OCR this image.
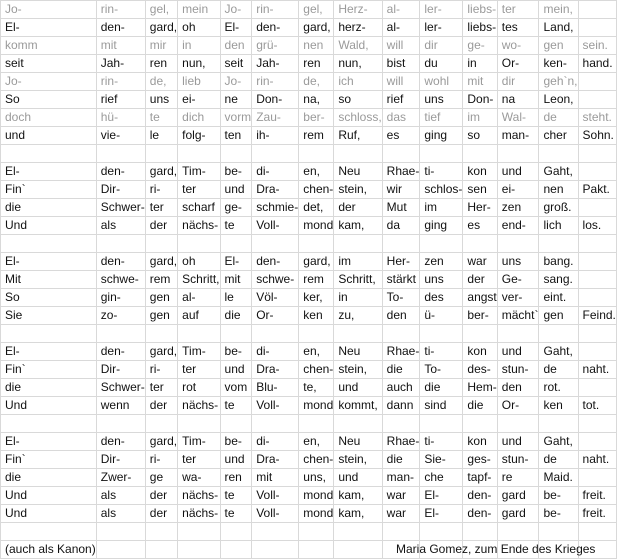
Jo-	rin-	gel,	mein	Jo-	rin-	gel,	Herz-	al-	ler-	liebs-	ter	mein,	
El-	den-	gard,	oh	El-	den-	gard,	herz-	al-	ler-	liebs-	tes	Land,	
komm	mit	mir	in	den	grü-	nen	Wald,	will	dir	ge-	wo-	gen	sein.
seit	Jah-	ren	nun,	seit	Jah-	ren	nun,	bist	du	in	Or-	ken-	hand.
Jo-	rin-	de,	lieb	Jo-	rin-	de,	ich	will	wohl	mit	dir	geh`n,	
So	rief	uns	ei-	ne	Don-	na,	so	rief	uns	Don-	na	Leon,	
doch	hü-	te	dich	vorm	Zau-	ber-	schloss,	das	tief	im	Wal-	de	steht.
und	vie-	le	folg-	ten	ih-	rem	Ruf,	es	ging	so	man-	cher	Sohn.

El-	den-	gard,	Tim-	be-	di-	en,	Neu	Rhae-	ti-	kon	und	Gaht,	
Fin`	Dir-	ri-	ter	und	Dra-	chen-	stein,	wir	schlos-	sen	ei-	nen	Pakt.
die	Schwer-	ter	scharf	ge-	schmie-	det,	der	Mut	im	Her-	zen	groß.	
Und	als	der	nächs-	te	Voll-	mond	kam,	da	ging	es	end-	lich	los.

El-	den-	gard,	oh	El-	den-	gard,	im	Her-	zen	war	uns	bang.	
Mit	schwe-	rem	Schritt,	mit	schwe-	rem	Schritt,	stärkt	uns	der	Ge-	sang.	
So	gin-	gen	al-	le	Völ-	ker,	in	To-	des	angst	ver-	eint.	
Sie	zo-	gen	auf	die	Or-	ken	zu,	den	ü-	ber-	mächt`	gen	Feind.

El-	den-	gard,	Tim-	be-	di-	en,	Neu	Rhae-	ti-	kon	und	Gaht,	
Fin`	Dir-	ri-	ter	und	Dra-	chen-	stein,	die	To-	des-	stun-	de	naht.
die	Schwer-	ter	rot	vom	Blu-	te,	und	auch	die	Hem-	den	rot.	
Und	wenn	der	nächs-	te	Voll-	mond	kommt,	dann	sind	die	Or-	ken	tot.

El-	den-	gard,	Tim-	be-	di-	en,	Neu	Rhae-	ti-	kon	und	Gaht,	
Fin`	Dir-	ri-	ter	und	Dra-	chen-	stein,	die	Sie-	ges-	stun-	de	naht.
die	Zwer-	ge	wa-	ren	mit	uns,	und	man-	che	tapf-	re	Maid.	
Und	als	der	nächs-	te	Voll-	mond	kam,	war	El-	den-	gard	be-	freit.
Und	als	der	nächs-	te	Voll-	mond	kam,	war	El-	den-	gard	be-	freit.

(auch als Kanon)														Maria Gomez, zum Ende des Krieges
